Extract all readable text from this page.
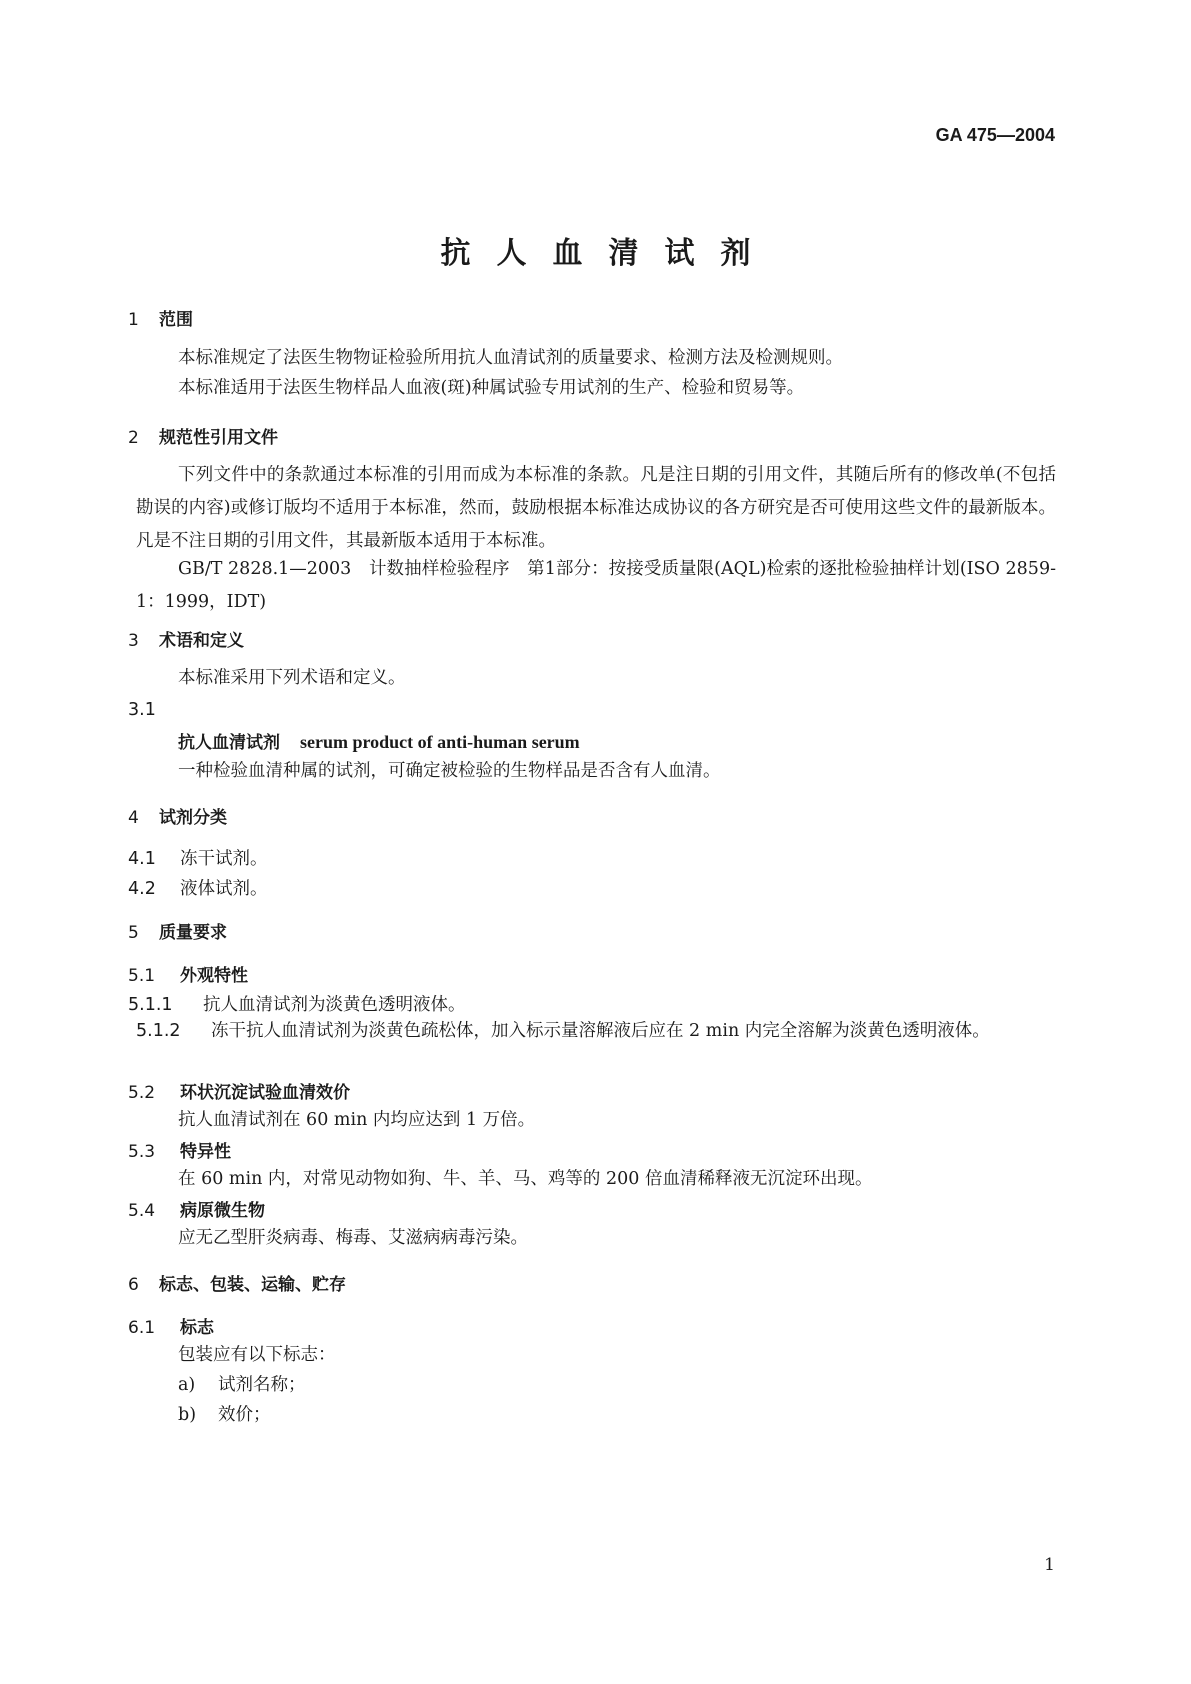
GA 475—2004
抗人血清试剂
1 范围
本标准规定了法医生物物证检验所用抗人血清试剂的质量要求、检测方法及检测规则。
本标准适用于法医生物样品人血液(斑)种属试验专用试剂的生产、检验和贸易等。
2 规范性引用文件
下列文件中的条款通过本标准的引用而成为本标准的条款。凡是注日期的引用文件，其随后所有的修改单(不包括勘误的内容)或修订版均不适用于本标准，然而，鼓励根据本标准达成协议的各方研究是否可使用这些文件的最新版本。凡是不注日期的引用文件，其最新版本适用于本标准。
GB/T 2828.1—2003　计数抽样检验程序　第1部分：按接受质量限(AQL)检索的逐批检验抽样计划(ISO 2859-1：1999，IDT)
3 术语和定义
本标准采用下列术语和定义。
3.1
抗人血清试剂 serum product of anti-human serum
一种检验血清种属的试剂，可确定被检验的生物样品是否含有人血清。
4 试剂分类
4.1 冻干试剂。
4.2 液体试剂。
5 质量要求
5.1 外观特性
5.1.1 抗人血清试剂为淡黄色透明液体。
5.1.2 冻干抗人血清试剂为淡黄色疏松体，加入标示量溶解液后应在 2 min 内完全溶解为淡黄色透明液体。
5.2 环状沉淀试验血清效价
抗人血清试剂在 60 min 内均应达到 1 万倍。
5.3 特异性
在 60 min 内，对常见动物如狗、牛、羊、马、鸡等的 200 倍血清稀释液无沉淀环出现。
5.4 病原微生物
应无乙型肝炎病毒、梅毒、艾滋病病毒污染。
6 标志、包装、运输、贮存
6.1 标志
包装应有以下标志：
a) 试剂名称；
b) 效价；
1
